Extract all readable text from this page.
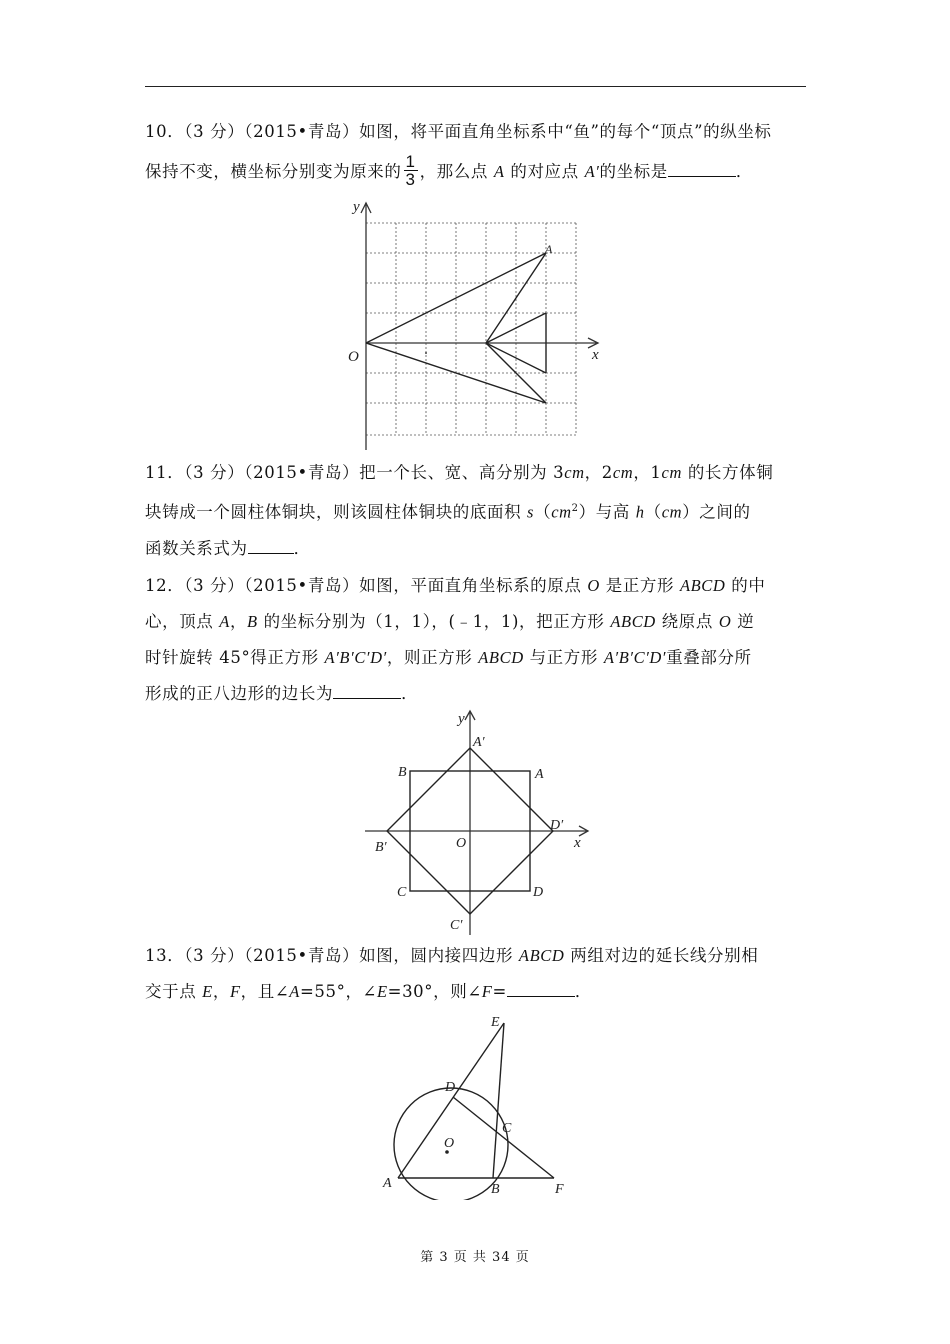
10．（3 分）（2015•青岛）如图，将平面直角坐标系中“鱼”的每个“顶点”的纵坐标

保持不变，横坐标分别变为原来的 $\frac{1}{3}$ ，那么点 A 的对应点 A′的坐标是	．

y
x
O
A

11．（3 分）（2015•青岛）把一个长、宽、高分别为 3cm，2cm，1cm 的长方体铜

块铸成一个圆柱体铜块，则该圆柱体铜块的底面积 $s(cm^2)$与高 h（cm）之间的

函数关系式为	．

12．（3 分）（2015•青岛）如图，平面直角坐标系的原点 O 是正方形 ABCD 的中

心，顶点 A，B 的坐标分别为（1，1），(﹣1，1)，把正方形 ABCD 绕原点 O 逆

时针旋转 45°得正方形 A′B′C′D′，则正方形 ABCD 与正方形 A′B′C′D′重叠部分所

形成的正八边形的边长为	．

A′
y
B	A
D′
x
O
B′
C	D
C′

13．（3 分）（2015•青岛）如图，圆内接四边形 ABCD 两组对边的延长线分别相

交于点 E，F，且∠A=55°，∠E=30°，则∠F=	．

E
D
C
O
A	B	F
第 3 页 共 34 页
